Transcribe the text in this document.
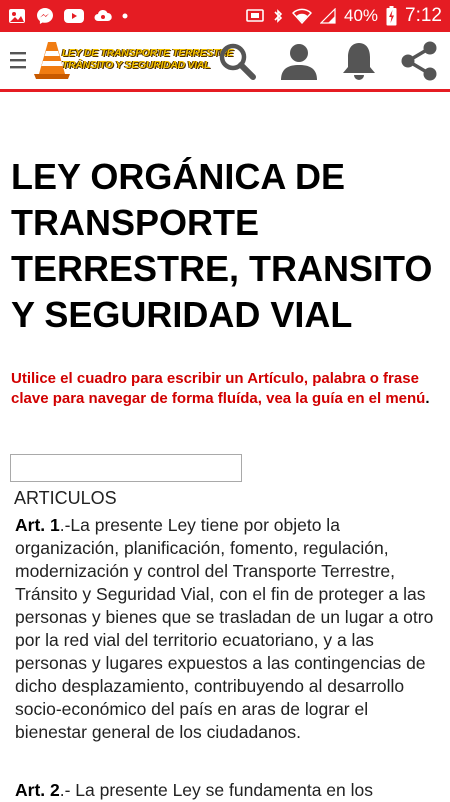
40% 7:12
LEY DE TRANSPORTE TERRESTRE
TRÁNSITO Y SEGURIDAD VIAL
LEY ORGÁNICA DE TRANSPORTE TERRESTRE, TRANSITO Y SEGURIDAD VIAL

Utilice el cuadro para escribir un Artículo, palabra o frase clave para navegar de forma fluída, vea la guía en el menú.

ARTICULOS

Art. 1.-La presente Ley tiene por objeto la organización, planificación, fomento, regulación, modernización y control del Transporte Terrestre, Tránsito y Seguridad Vial, con el fin de proteger a las personas y bienes que se trasladan de un lugar a otro por la red vial del territorio ecuatoriano, y a las personas y lugares expuestos a las contingencias de dicho desplazamiento, contribuyendo al desarrollo socio-económico del país en aras de lograr el bienestar general de los ciudadanos.

Art. 2.- La presente Ley se fundamenta en los
